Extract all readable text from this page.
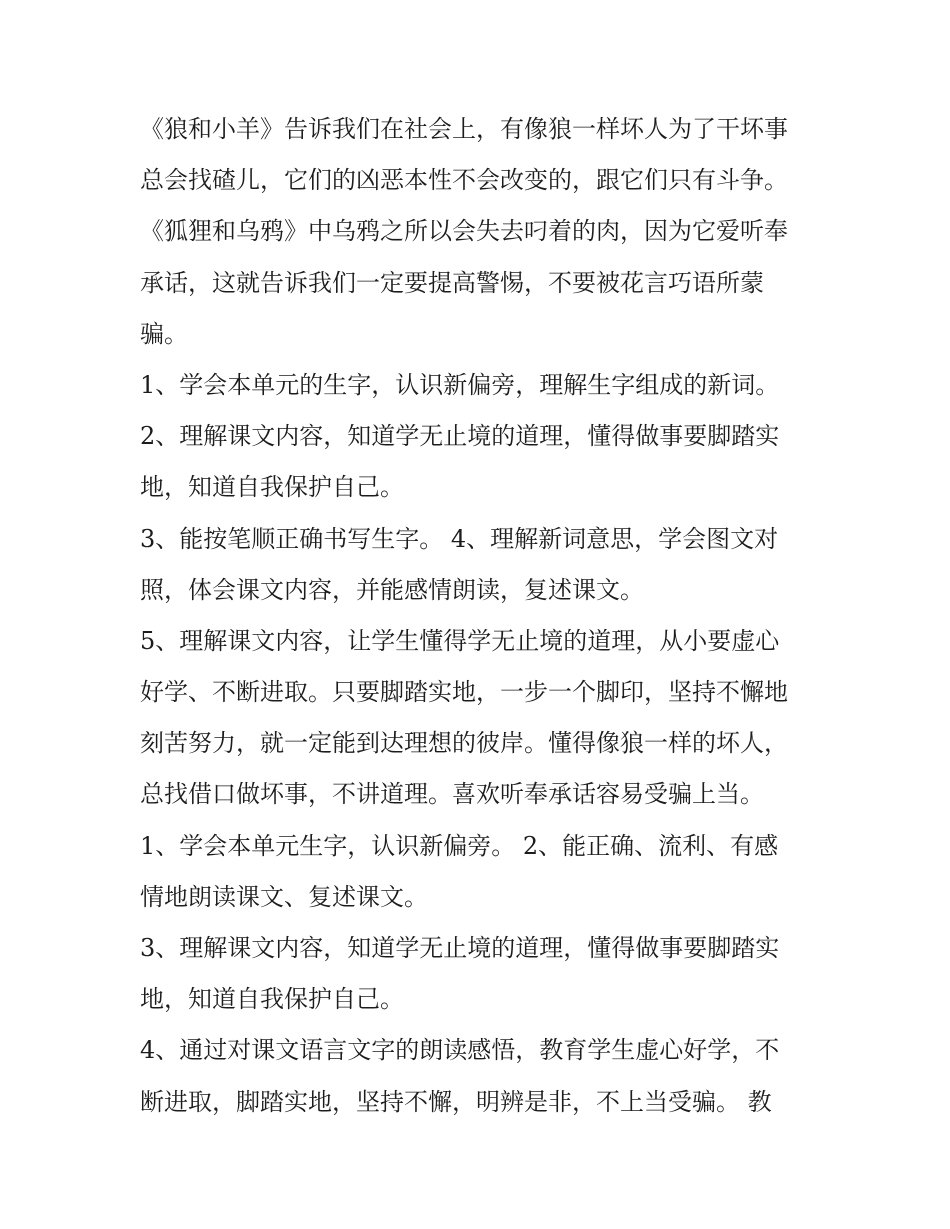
《狼和小羊》告诉我们在社会上，有像狼一样坏人为了干坏事
总会找碴儿，它们的凶恶本性不会改变的，跟它们只有斗争。
《狐狸和乌鸦》中乌鸦之所以会失去叼着的肉，因为它爱听奉
承话，这就告诉我们一定要提高警惕，不要被花言巧语所蒙
骗。
1、学会本单元的生字，认识新偏旁，理解生字组成的新词。
2、理解课文内容，知道学无止境的道理，懂得做事要脚踏实
地，知道自我保护自己。
3、能按笔顺正确书写生字。 4、理解新词意思，学会图文对
照，体会课文内容，并能感情朗读，复述课文。
5、理解课文内容，让学生懂得学无止境的道理，从小要虚心
好学、不断进取。只要脚踏实地，一步一个脚印，坚持不懈地
刻苦努力，就一定能到达理想的彼岸。懂得像狼一样的坏人，
总找借口做坏事，不讲道理。喜欢听奉承话容易受骗上当。
1、学会本单元生字，认识新偏旁。 2、能正确、流利、有感
情地朗读课文、复述课文。
3、理解课文内容，知道学无止境的道理，懂得做事要脚踏实
地，知道自我保护自己。
4、通过对课文语言文字的朗读感悟，教育学生虚心好学，不
断进取，脚踏实地，坚持不懈，明辨是非，不上当受骗。 教
